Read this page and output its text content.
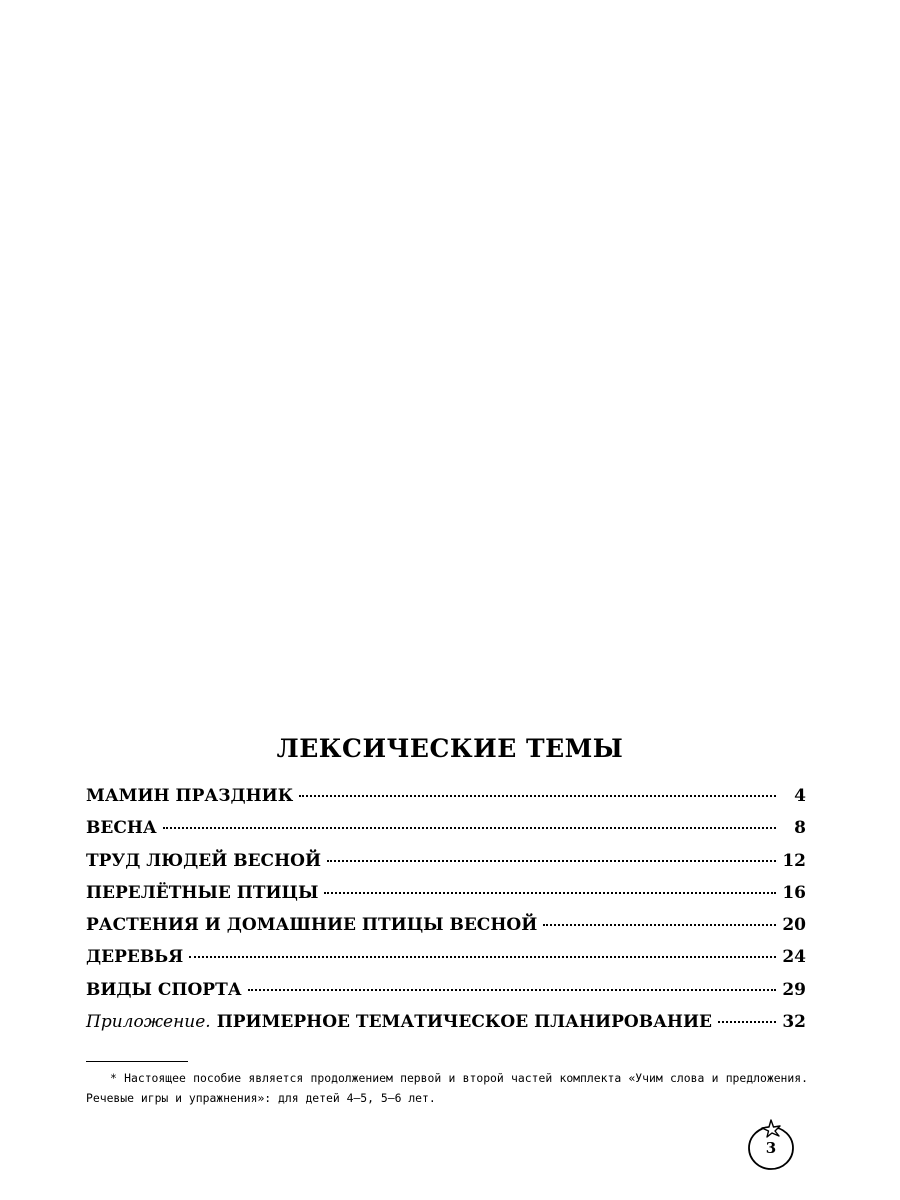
ЛЕКСИЧЕСКИЕ ТЕМЫ
МАМИН ПРАЗДНИК	4
ВЕСНА	8
ТРУД ЛЮДЕЙ ВЕСНОЙ	12
ПЕРЕЛЁТНЫЕ ПТИЦЫ	16
РАСТЕНИЯ И ДОМАШНИЕ ПТИЦЫ ВЕСНОЙ	20
ДЕРЕВЬЯ	24
ВИДЫ СПОРТА	29
Приложение. ПРИМЕРНОЕ ТЕМАТИЧЕСКОЕ ПЛАНИРОВАНИЕ	32

* Настоящее пособие является продолжением первой и второй частей комплекта «Учим слова и предложения. Речевые игры и упражнения»: для детей 4–5, 5–6 лет.

3
